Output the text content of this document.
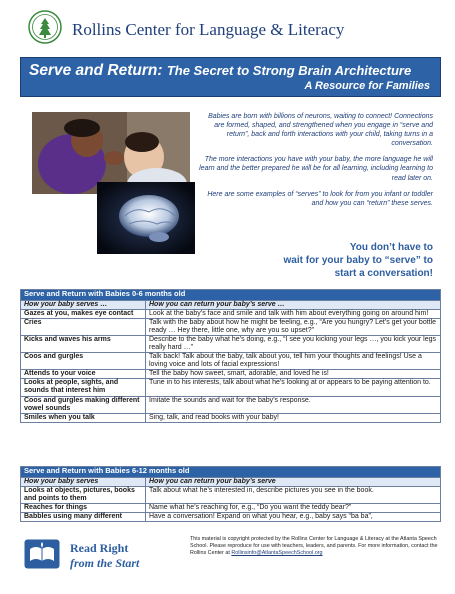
Rollins Center for Language & Literacy
Serve and Return: The Secret to Strong Brain Architecture
A Resource for Families

Babies are born with billions of neurons, waiting to connect! Connections are formed, shaped, and strengthened when you engage in “serve and return”, back and forth interactions with your child, taking turns in a conversation.

The more interactions you have with your baby, the more language he will learn and the better prepared he will be for all learning, including learning to read later on.

Here are some examples of “serves” to look for from you infant or toddler and how you can “return” these serves.

You don’t have to
wait for your baby to “serve” to
start a conversation!
Serve and Return with Babies 0-6 months old	
How your baby serves …	How you can return your baby’s serve …
Gazes at you, makes eye contact	Look at the baby’s face and smile and talk with him about everything going on around him!
Cries	Talk with the baby about how he might be feeling, e.g., “Are you hungry? Let’s get your bottle ready … Hey there, little one, why are you so upset?”
Kicks and waves his arms	Describe to the baby what he’s doing, e.g., “I see you kicking your legs …, you kick your legs really hard …”
Coos and gurgles	Talk back! Talk about the baby, talk about you, tell him your thoughts and feelings! Use a loving voice and lots of facial expressions!
Attends to your voice	Tell the baby how sweet, smart, adorable, and loved he is!
Looks at people, sights, and sounds that interest him	Tune in to his interests, talk about what he’s looking at or appears to be paying attention to.
Coos and gurgles making different vowel sounds	Imitate the sounds and wait for the baby’s response.
Smiles when you talk	Sing, talk, and read books with your baby!
Serve and Return with Babies 6-12 months old	
How your baby serves	How you can return your baby’s serve
Looks at objects, pictures, books and points to them	Talk about what he’s interested in, describe pictures you see in the book.
Reaches for things	Name what he’s reaching for, e.g., “Do you want the teddy bear?”
Babbles using many different	Have a conversation! Expand on what you hear, e.g., baby says “ba ba”,
Read Right
from the Start
This material is copyright protected by the Rollins Center for Language & Literacy at the Atlanta Speech School. Please reproduce for use with teachers, leaders, and parents. For more information, contact the Rollins Center at Rollinsinfo@AtlantaSpeechSchool.org
